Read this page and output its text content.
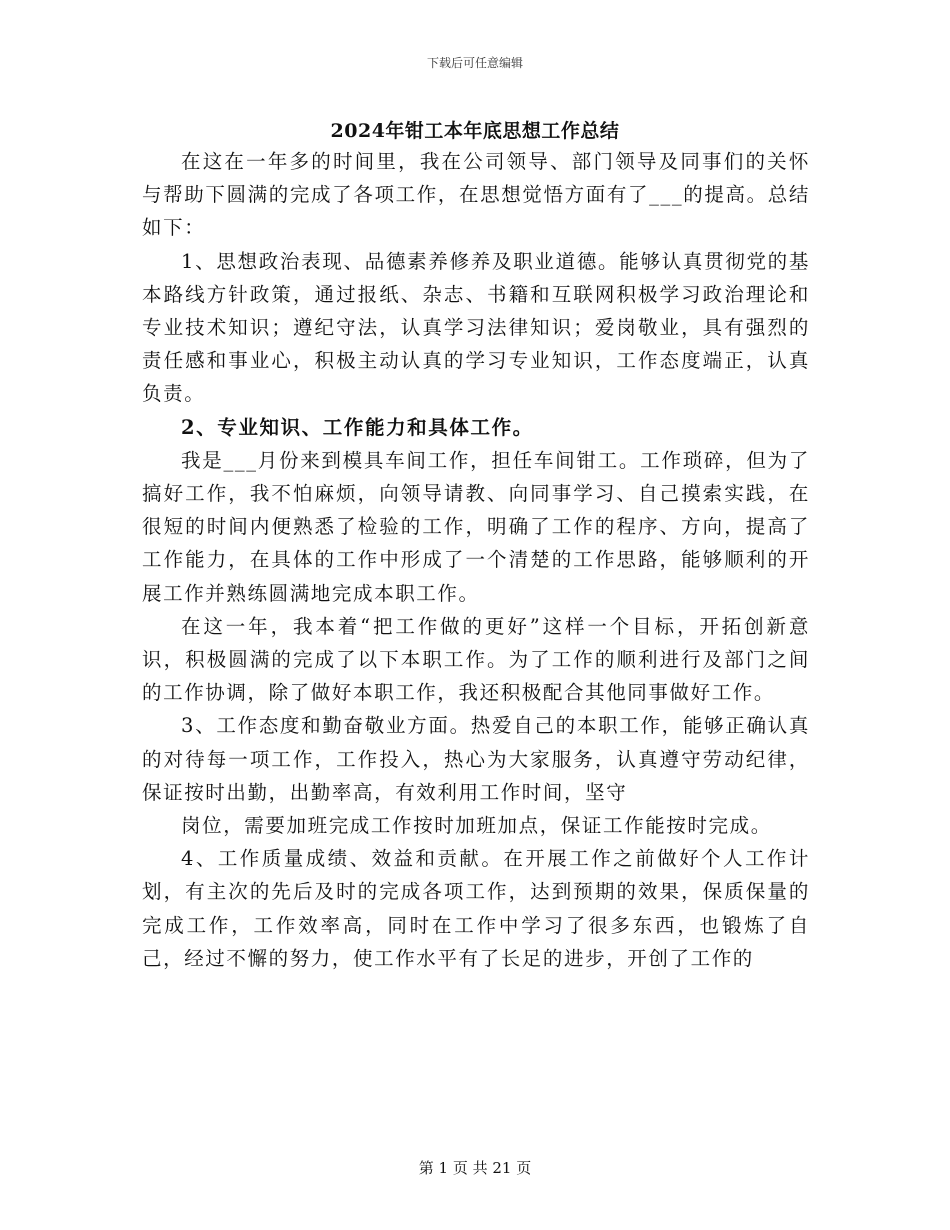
下载后可任意编辑
2024年钳工本年底思想工作总结

在这在一年多的时间里，我在公司领导、部门领导及同事们的关怀与帮助下圆满的完成了各项工作，在思想觉悟方面有了___的提高。总结如下：

1、思想政治表现、品德素养修养及职业道德。能够认真贯彻党的基本路线方针政策，通过报纸、杂志、书籍和互联网积极学习政治理论和专业技术知识；遵纪守法，认真学习法律知识；爱岗敬业，具有强烈的责任感和事业心，积极主动认真的学习专业知识，工作态度端正，认真负责。

2、专业知识、工作能力和具体工作。

我是___月份来到模具车间工作，担任车间钳工。工作琐碎，但为了搞好工作，我不怕麻烦，向领导请教、向同事学习、自己摸索实践，在很短的时间内便熟悉了检验的工作，明确了工作的程序、方向，提高了工作能力，在具体的工作中形成了一个清楚的工作思路，能够顺利的开展工作并熟练圆满地完成本职工作。

在这一年，我本着“把工作做的更好”这样一个目标，开拓创新意识，积极圆满的完成了以下本职工作。为了工作的顺利进行及部门之间的工作协调，除了做好本职工作，我还积极配合其他同事做好工作。

3、工作态度和勤奋敬业方面。热爱自己的本职工作，能够正确认真的对待每一项工作，工作投入，热心为大家服务，认真遵守劳动纪律，保证按时出勤，出勤率高，有效利用工作时间，坚守

岗位，需要加班完成工作按时加班加点，保证工作能按时完成。

4、工作质量成绩、效益和贡献。在开展工作之前做好个人工作计划，有主次的先后及时的完成各项工作，达到预期的效果，保质保量的完成工作，工作效率高，同时在工作中学习了很多东西，也锻炼了自己，经过不懈的努力，使工作水平有了长足的进步，开创了工作的

第 1 页 共 21 页
